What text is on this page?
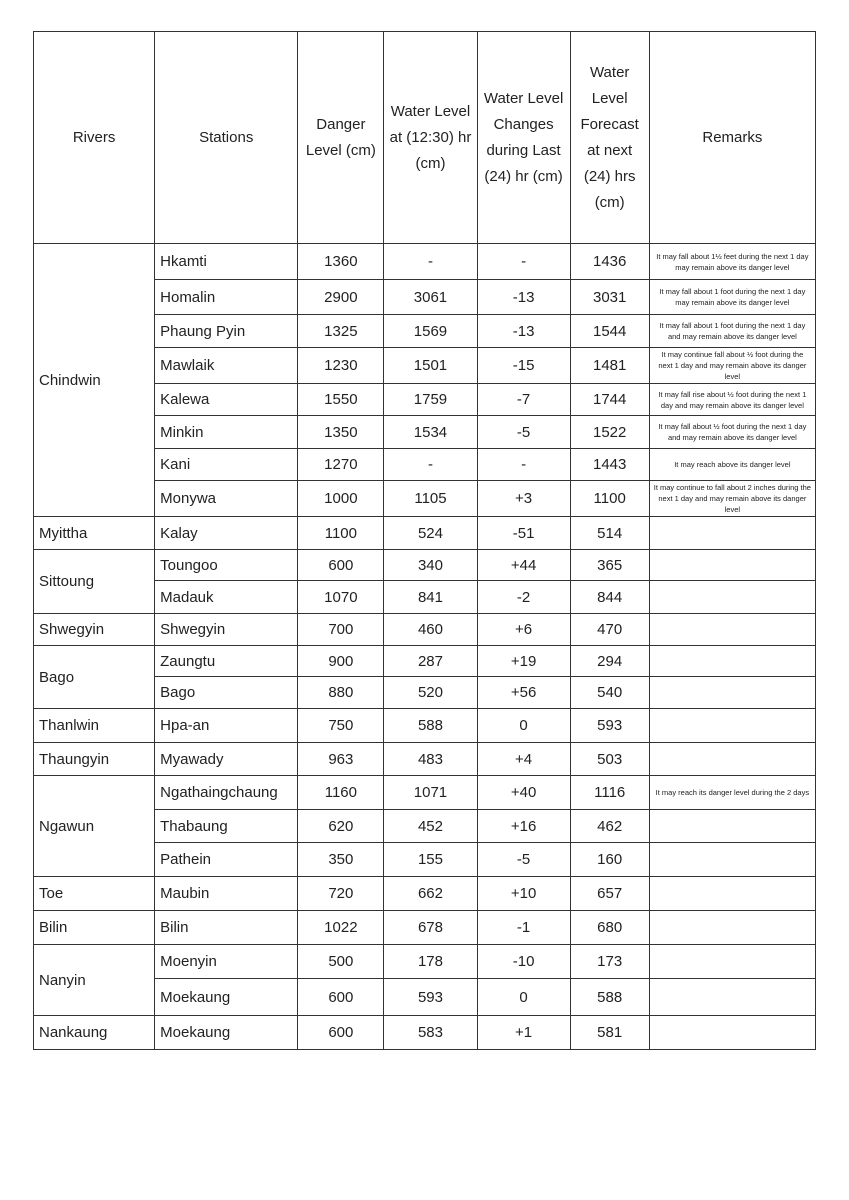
Rivers	Stations	Danger Level (cm)	Water Level at (12:30) hr (cm)	Water Level Changes during Last (24) hr (cm)	Water Level Forecast at next (24) hrs (cm)	Remarks
Chindwin	Hkamti	1360	-	-	1436	It may fall about 1½ feet during the next 1 day may remain above its danger level
	Homalin	2900	3061	-13	3031	It may fall about 1 foot during the next 1 day may remain above its danger level
	Phaung Pyin	1325	1569	-13	1544	It may fall about 1 foot during the next 1 day and may remain above its danger level
	Mawlaik	1230	1501	-15	1481	It may continue fall about ½ foot during the next 1 day and may remain above its danger level
	Kalewa	1550	1759	-7	1744	It may fall rise about ½ foot during the next 1 day and may remain above its danger level
	Minkin	1350	1534	-5	1522	It may fall about ½ foot during the next 1 day and may remain above its danger level
	Kani	1270	-	-	1443	It may reach above its danger level
	Monywa	1000	1105	+3	1100	It may continue to fall about 2 inches during the next 1 day and may remain above its danger level
Myittha	Kalay	1100	524	-51	514	
Sittoung	Toungoo	600	340	+44	365	
	Madauk	1070	841	-2	844	
Shwegyin	Shwegyin	700	460	+6	470	
Bago	Zaungtu	900	287	+19	294	
	Bago	880	520	+56	540	
Thanlwin	Hpa-an	750	588	0	593	
Thaungyin	Myawady	963	483	+4	503	
Ngawun	Ngathaingchaung	1160	1071	+40	1116	It may reach its danger level during the 2 days
	Thabaung	620	452	+16	462	
	Pathein	350	155	-5	160	
Toe	Maubin	720	662	+10	657	
Bilin	Bilin	1022	678	-1	680	
Nanyin	Moenyin	500	178	-10	173	
	Moekaung	600	593	0	588	
Nankaung	Moekaung	600	583	+1	581	
